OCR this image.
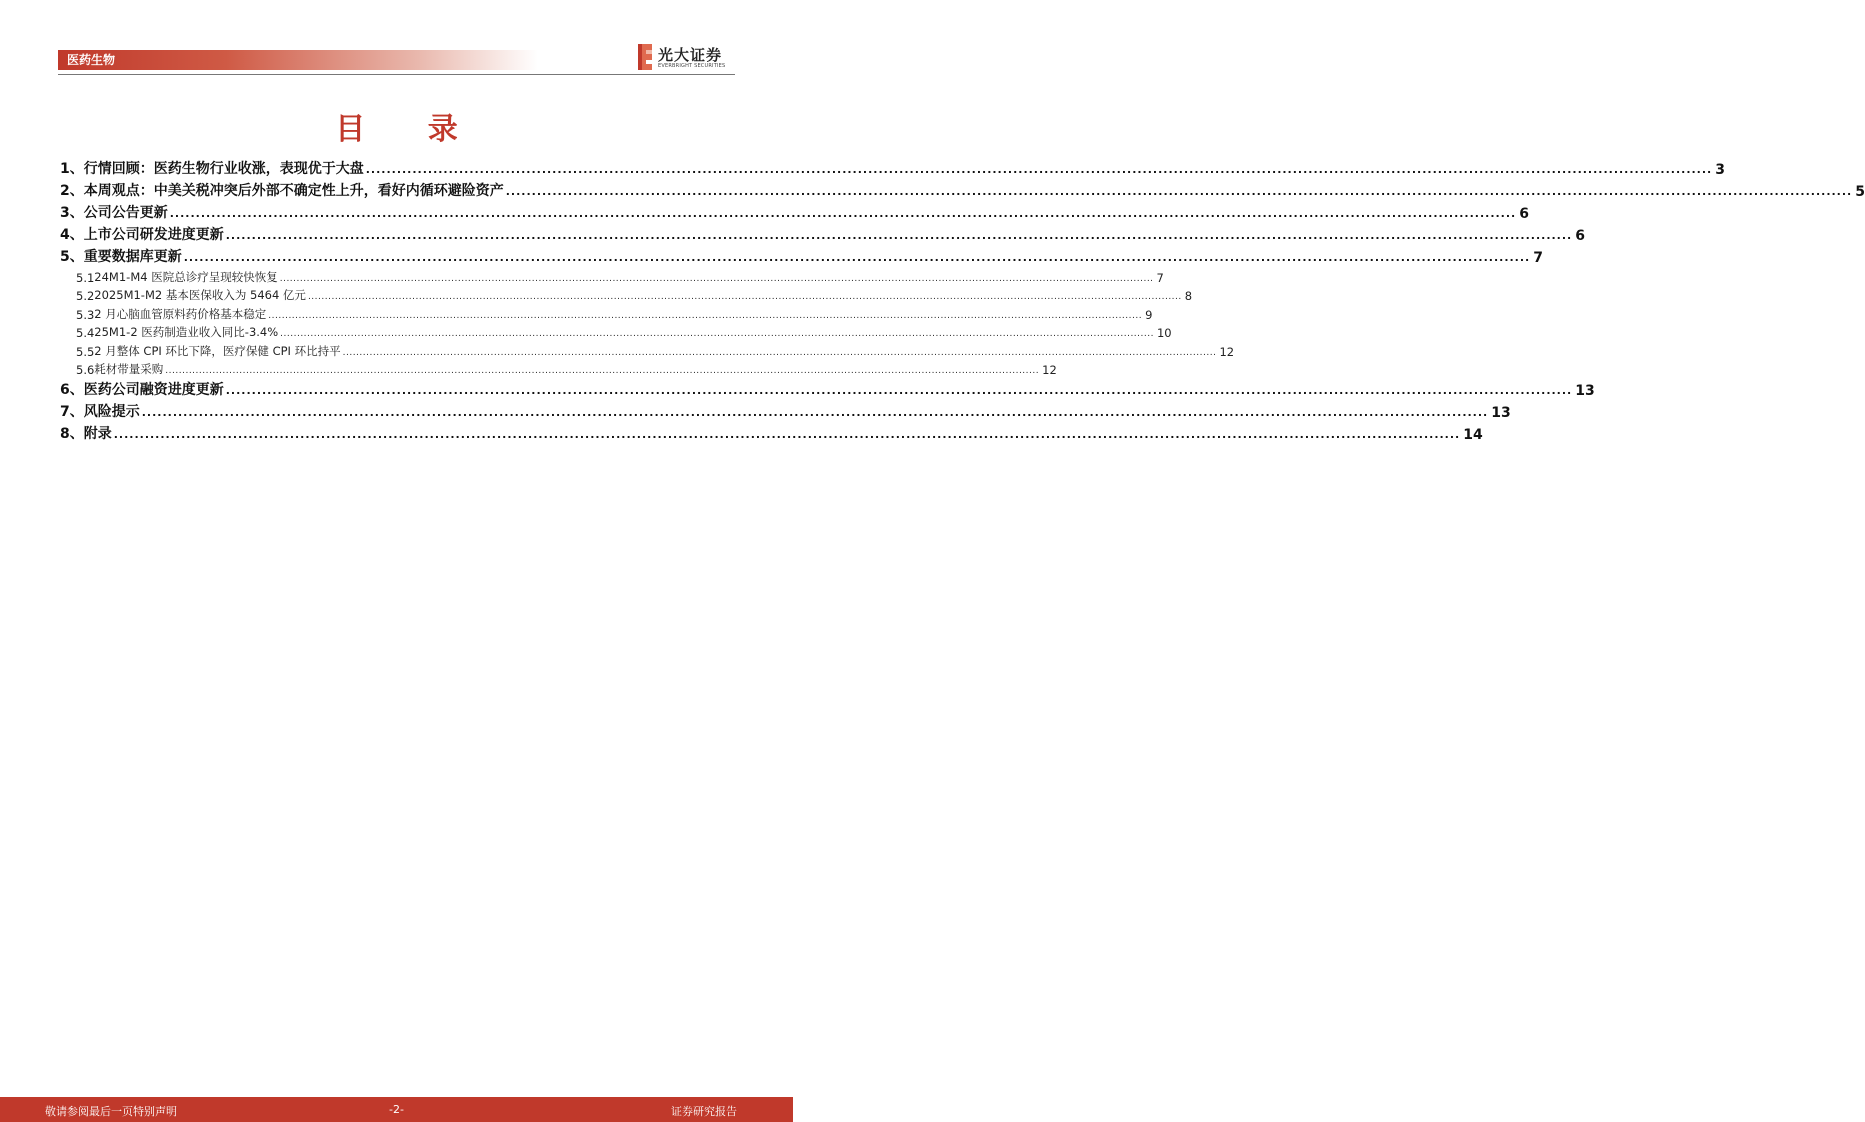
医药生物	光大证券
EVERBRIGHT SECURITIES
目 录
1、 行情回顾：医药生物行业收涨，表现优于大盘 .................................................................................................................................................................................................................................................................... 3
2、 本周观点：中美关税冲突后外部不确定性上升，看好内循环避险资产 .................................................................................................................................................................................................................................................................... 5
3、 公司公告更新 .................................................................................................................................................................................................................................................................... 6
4、 上市公司研发进度更新 .................................................................................................................................................................................................................................................................... 6
5、 重要数据库更新 .................................................................................................................................................................................................................................................................... 7
5.1 24M1-M4 医院总诊疗呈现较快恢复 .................................................................................................................................................................................................................................................................... 7
5.2 2025M1-M2 基本医保收入为 5464 亿元 .................................................................................................................................................................................................................................................................... 8
5.3 2 月心脑血管原料药价格基本稳定 .................................................................................................................................................................................................................................................................... 9
5.4 25M1-2 医药制造业收入同比-3.4% .................................................................................................................................................................................................................................................................... 10
5.5 2 月整体 CPI 环比下降，医疗保健 CPI 环比持平 .................................................................................................................................................................................................................................................................... 12
5.6 耗材带量采购 .................................................................................................................................................................................................................................................................... 12
6、 医药公司融资进度更新 .................................................................................................................................................................................................................................................................... 13
7、 风险提示 .................................................................................................................................................................................................................................................................... 13
8、 附录 .................................................................................................................................................................................................................................................................... 14
敬请参阅最后一页特别声明	-2-	证券研究报告
